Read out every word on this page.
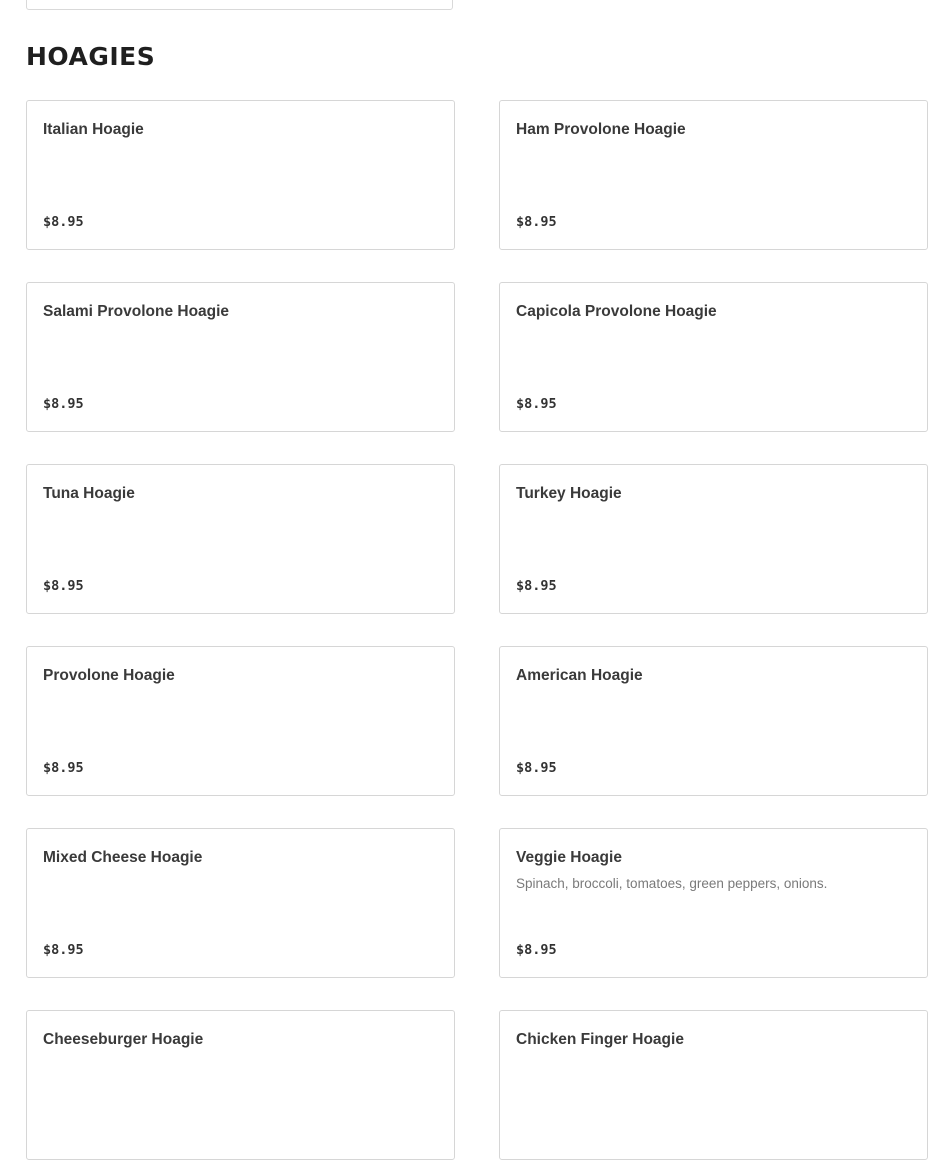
HOAGIES
Italian Hoagie
$8.95
Ham Provolone Hoagie
$8.95
Salami Provolone Hoagie
$8.95
Capicola Provolone Hoagie
$8.95
Tuna Hoagie
$8.95
Turkey Hoagie
$8.95
Provolone Hoagie
$8.95
American Hoagie
$8.95
Mixed Cheese Hoagie
$8.95
Veggie Hoagie
Spinach, broccoli, tomatoes, green peppers, onions.
$8.95
Cheeseburger Hoagie	Chicken Finger Hoagie
